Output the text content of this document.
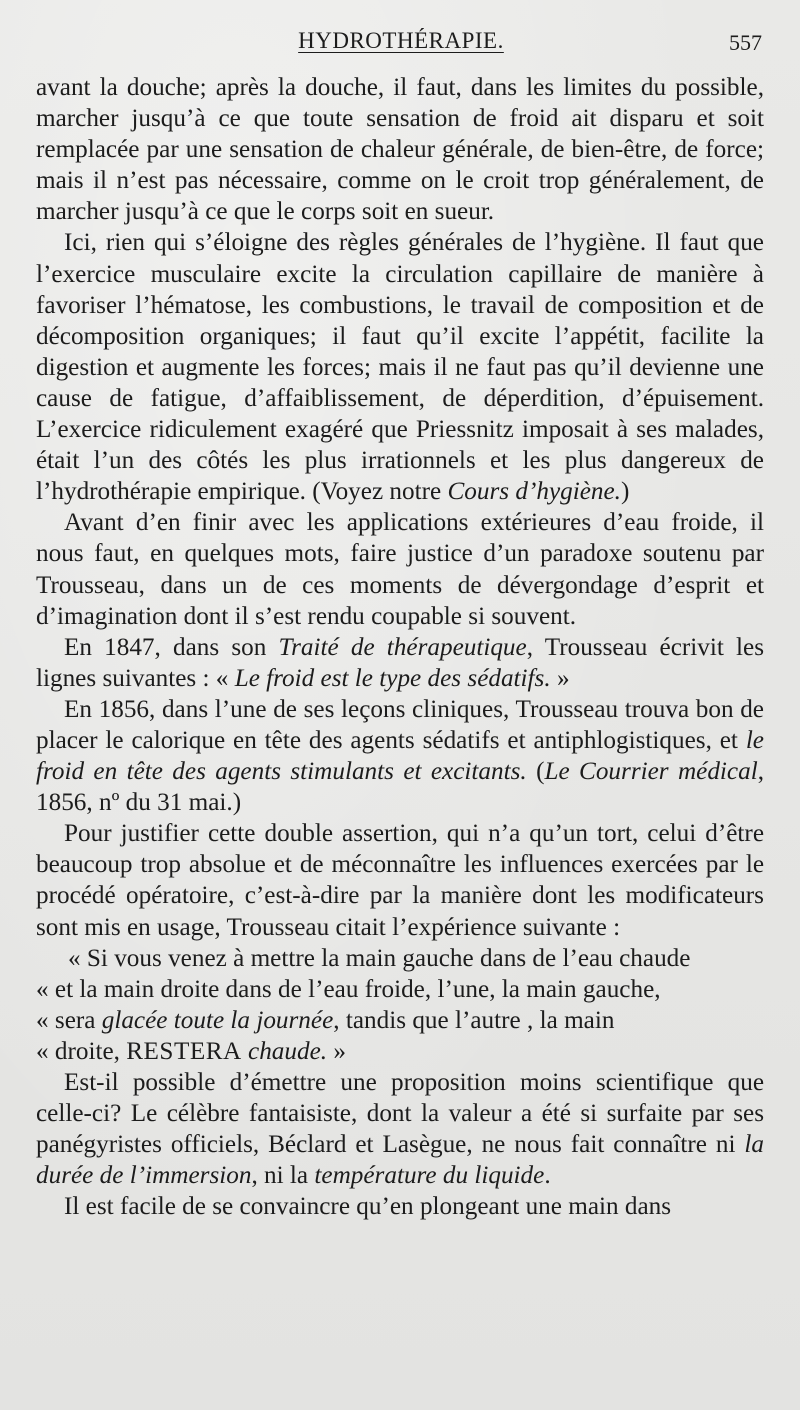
HYDROTHÉRAPIE.	557

avant la douche; après la douche, il faut, dans les limites du possible, marcher jusqu’à ce que toute sensation de froid ait disparu et soit remplacée par une sensation de chaleur générale, de bien-être, de force; mais il n’est pas nécessaire, comme on le croit trop généralement, de marcher jusqu’à ce que le corps soit en sueur.

Ici, rien qui s’éloigne des règles générales de l’hygiène. Il faut que l’exercice musculaire excite la circulation capillaire de manière à favoriser l’hématose, les combustions, le travail de composition et de décomposition organiques; il faut qu’il excite l’appétit, facilite la digestion et augmente les forces; mais il ne faut pas qu’il devienne une cause de fatigue, d’affaiblissement, de déperdition, d’épuisement. L’exercice ridiculement exagéré que Priessnitz imposait à ses malades, était l’un des côtés les plus irrationnels et les plus dangereux de l’hydrothérapie empirique. (Voyez notre Cours d’hygiène.)

Avant d’en finir avec les applications extérieures d’eau froide, il nous faut, en quelques mots, faire justice d’un paradoxe soutenu par Trousseau, dans un de ces moments de dévergondage d’esprit et d’imagination dont il s’est rendu coupable si souvent.

En 1847, dans son Traité de thérapeutique, Trousseau écrivit les lignes suivantes : « Le froid est le type des sédatifs. »

En 1856, dans l’une de ses leçons cliniques, Trousseau trouva bon de placer le calorique en tête des agents sédatifs et antiphlogistiques, et le froid en tête des agents stimulants et excitants. (Le Courrier médical, 1856, nº du 31 mai.)

Pour justifier cette double assertion, qui n’a qu’un tort, celui d’être beaucoup trop absolue et de méconnaître les influences exercées par le procédé opératoire, c’est-à-dire par la manière dont les modificateurs sont mis en usage, Trousseau citait l’expérience suivante :

« Si vous venez à mettre la main gauche dans de l’eau chaude
« et la main droite dans de l’eau froide, l’une, la main gauche,
« sera glacée toute la journée, tandis que l’autre , la main
« droite, RESTERA chaude. »

Est-il possible d’émettre une proposition moins scientifique que celle-ci? Le célèbre fantaisiste, dont la valeur a été si surfaite par ses panégyristes officiels, Béclard et Lasègue, ne nous fait connaître ni la durée de l’immersion, ni la température du liquide.

Il est facile de se convaincre qu’en plongeant une main dans
